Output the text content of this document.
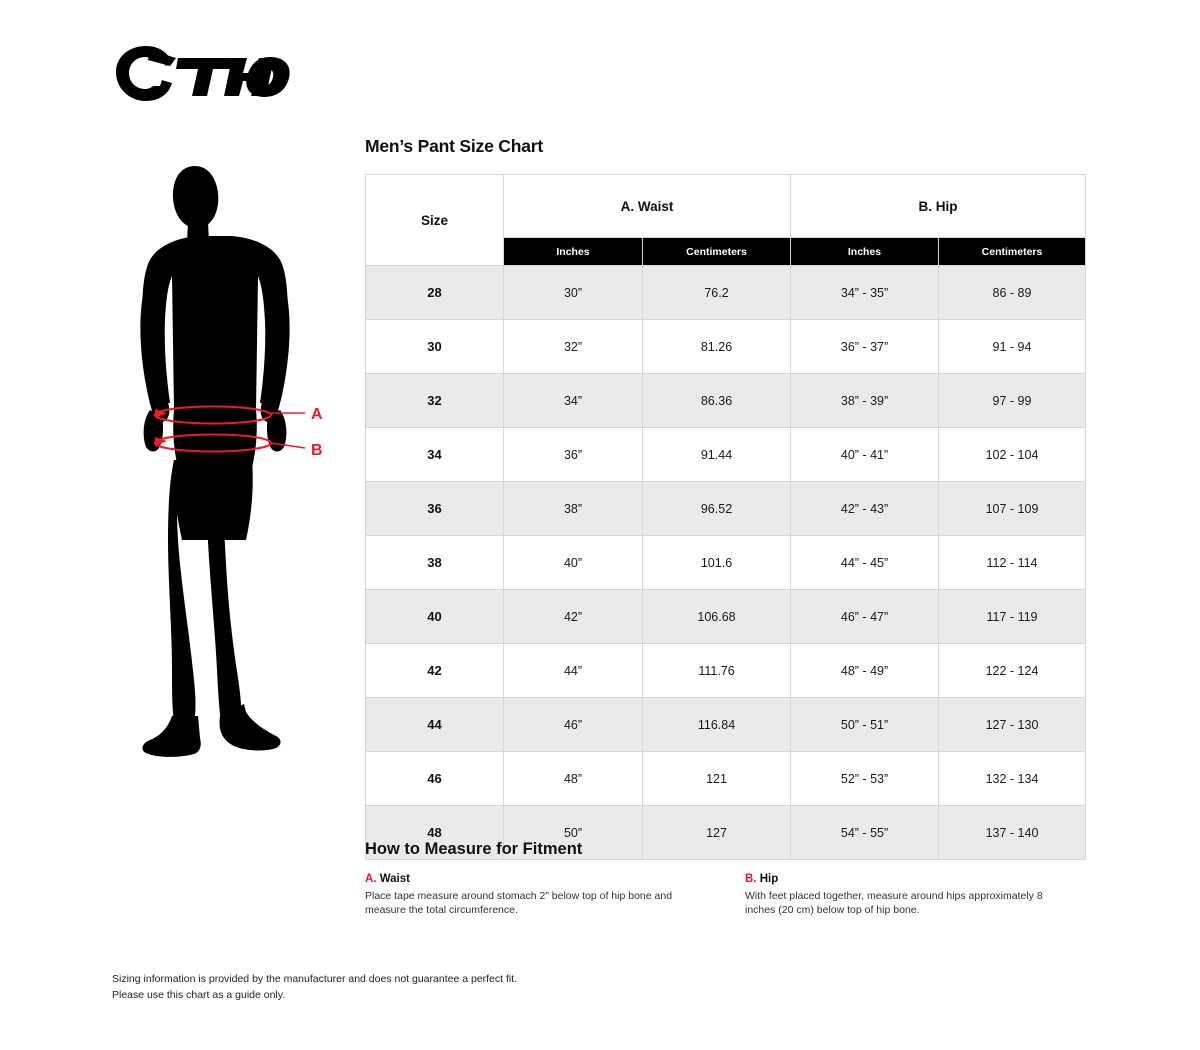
A
B
Men’s Pant Size Chart
Size	A. Waist		B. Hip	
	Inches	Centimeters	Inches	Centimeters
28	30”	76.2	34” - 35”	86 - 89
30	32”	81.26	36” - 37”	91 - 94
32	34”	86.36	38” - 39”	97 - 99
34	36”	91.44	40” - 41”	102 - 104
36	38”	96.52	42” - 43”	107 - 109
38	40”	101.6	44” - 45”	112 - 114
40	42”	106.68	46” - 47”	117 - 119
42	44”	111.76	48” - 49”	122 - 124
44	46”	116.84	50” - 51”	127 - 130
46	48”	121	52” - 53”	132 - 134
48	50”	127	54” - 55”	137 - 140
How to Measure for Fitment
A. Waist
Place tape measure around stomach 2” below top of hip bone and measure the total circumference.
B. Hip
With feet placed together, measure around hips approximately 8 inches (20 cm) below top of hip bone.
Sizing information is provided by the manufacturer and does not guarantee a perfect fit.
Please use this chart as a guide only.
